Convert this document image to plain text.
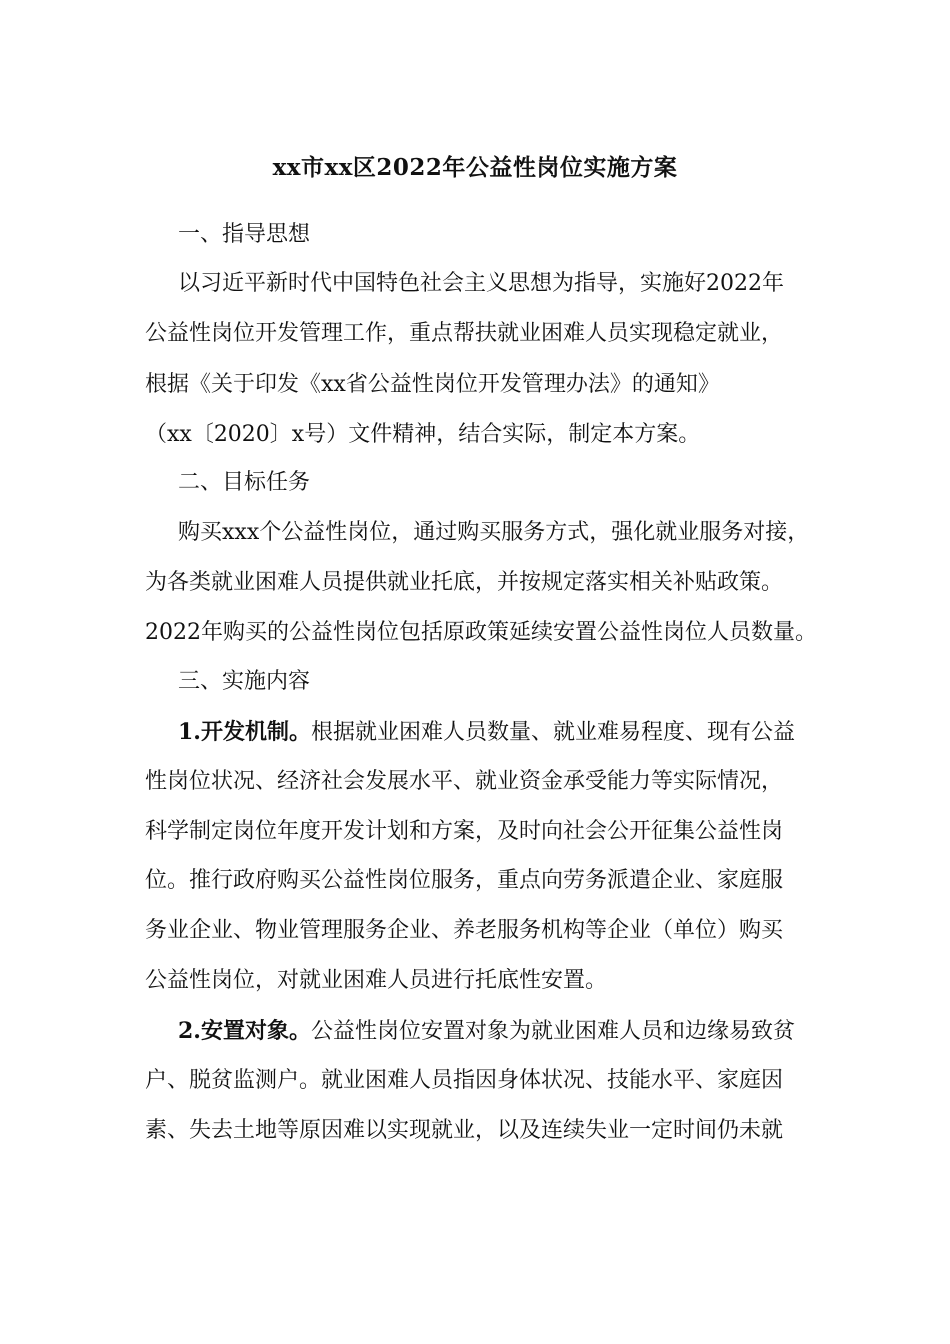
xx市xx区2022年公益性岗位实施方案

一、指导思想

以习近平新时代中国特色社会主义思想为指导，实施好2022年

公益性岗位开发管理工作，重点帮扶就业困难人员实现稳定就业，

根据《关于印发《xx省公益性岗位开发管理办法》的通知》

（xx〔2020〕x号）文件精神，结合实际，制定本方案。

二、目标任务

购买xxx个公益性岗位，通过购买服务方式，强化就业服务对接，

为各类就业困难人员提供就业托底，并按规定落实相关补贴政策。

2022年购买的公益性岗位包括原政策延续安置公益性岗位人员数量。

三、实施内容

1.开发机制。根据就业困难人员数量、就业难易程度、现有公益

性岗位状况、经济社会发展水平、就业资金承受能力等实际情况，

科学制定岗位年度开发计划和方案，及时向社会公开征集公益性岗

位。推行政府购买公益性岗位服务，重点向劳务派遣企业、家庭服

务业企业、物业管理服务企业、养老服务机构等企业（单位）购买

公益性岗位，对就业困难人员进行托底性安置。

2.安置对象。公益性岗位安置对象为就业困难人员和边缘易致贫

户、脱贫监测户。就业困难人员指因身体状况、技能水平、家庭因

素、失去土地等原因难以实现就业，以及连续失业一定时间仍未就
